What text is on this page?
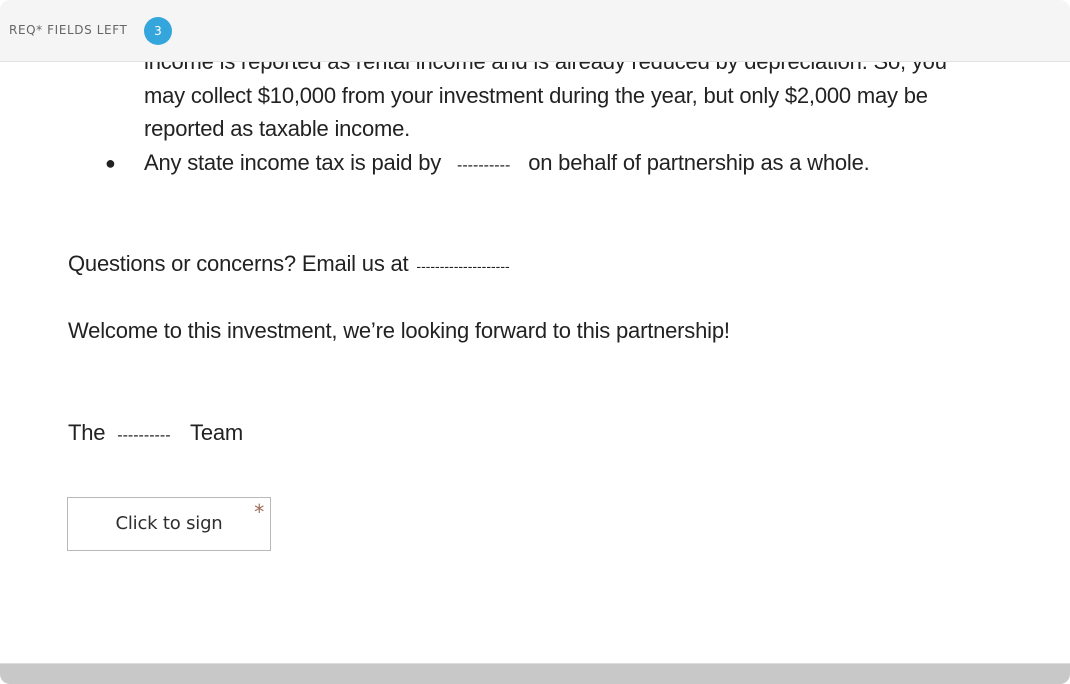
may collect $10,000 from your investment during the year, but only $2,000 may be
reported as taxable income.
● Any state income tax is paid by ---------- on behalf of partnership as a whole.
Questions or concerns? Email us at --------------------
Welcome to this investment, we’re looking forward to this partnership!
The ---------- Team
Click to sign	*
REQ* FIELDS LEFT	3
